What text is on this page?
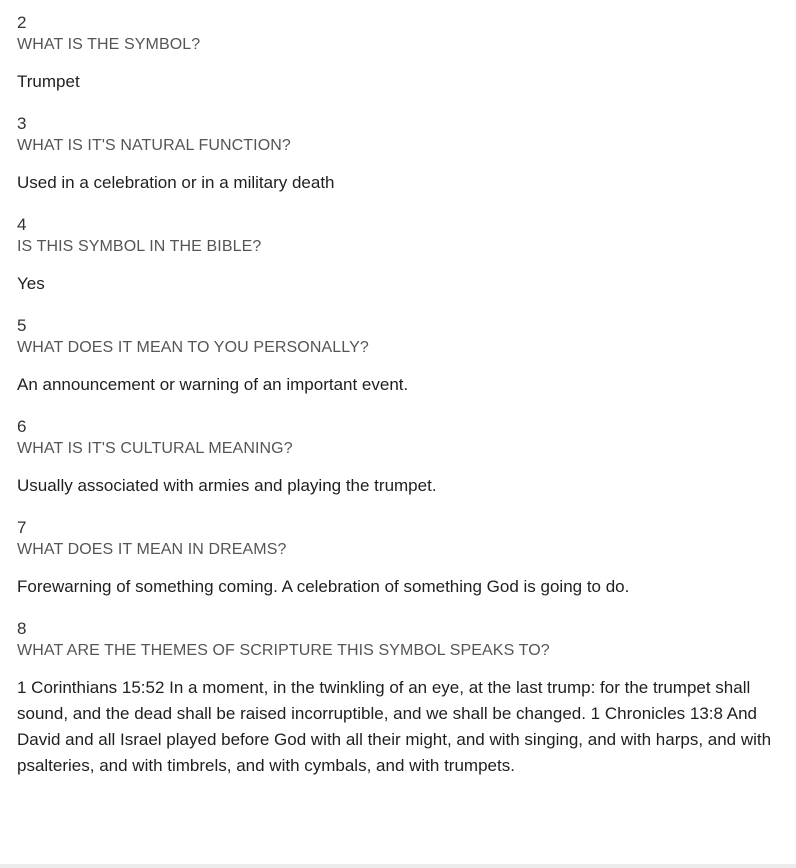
2
WHAT IS THE SYMBOL?
Trumpet
3
WHAT IS IT'S NATURAL FUNCTION?
Used in a celebration or in a military death
4
IS THIS SYMBOL IN THE BIBLE?
Yes
5
WHAT DOES IT MEAN TO YOU PERSONALLY?
An announcement or warning of an important event.
6
WHAT IS IT'S CULTURAL MEANING?
Usually associated with armies and playing the trumpet.
7
WHAT DOES IT MEAN IN DREAMS?
Forewarning of something coming. A celebration of something God is going to do.
8
WHAT ARE THE THEMES OF SCRIPTURE THIS SYMBOL SPEAKS TO?
1 Corinthians 15:52 In a moment, in the twinkling of an eye, at the last trump: for the trumpet shall sound, and the dead shall be raised incorruptible, and we shall be changed. 1 Chronicles 13:8 And David and all Israel played before God with all their might, and with singing, and with harps, and with psalteries, and with timbrels, and with cymbals, and with trumpets.
